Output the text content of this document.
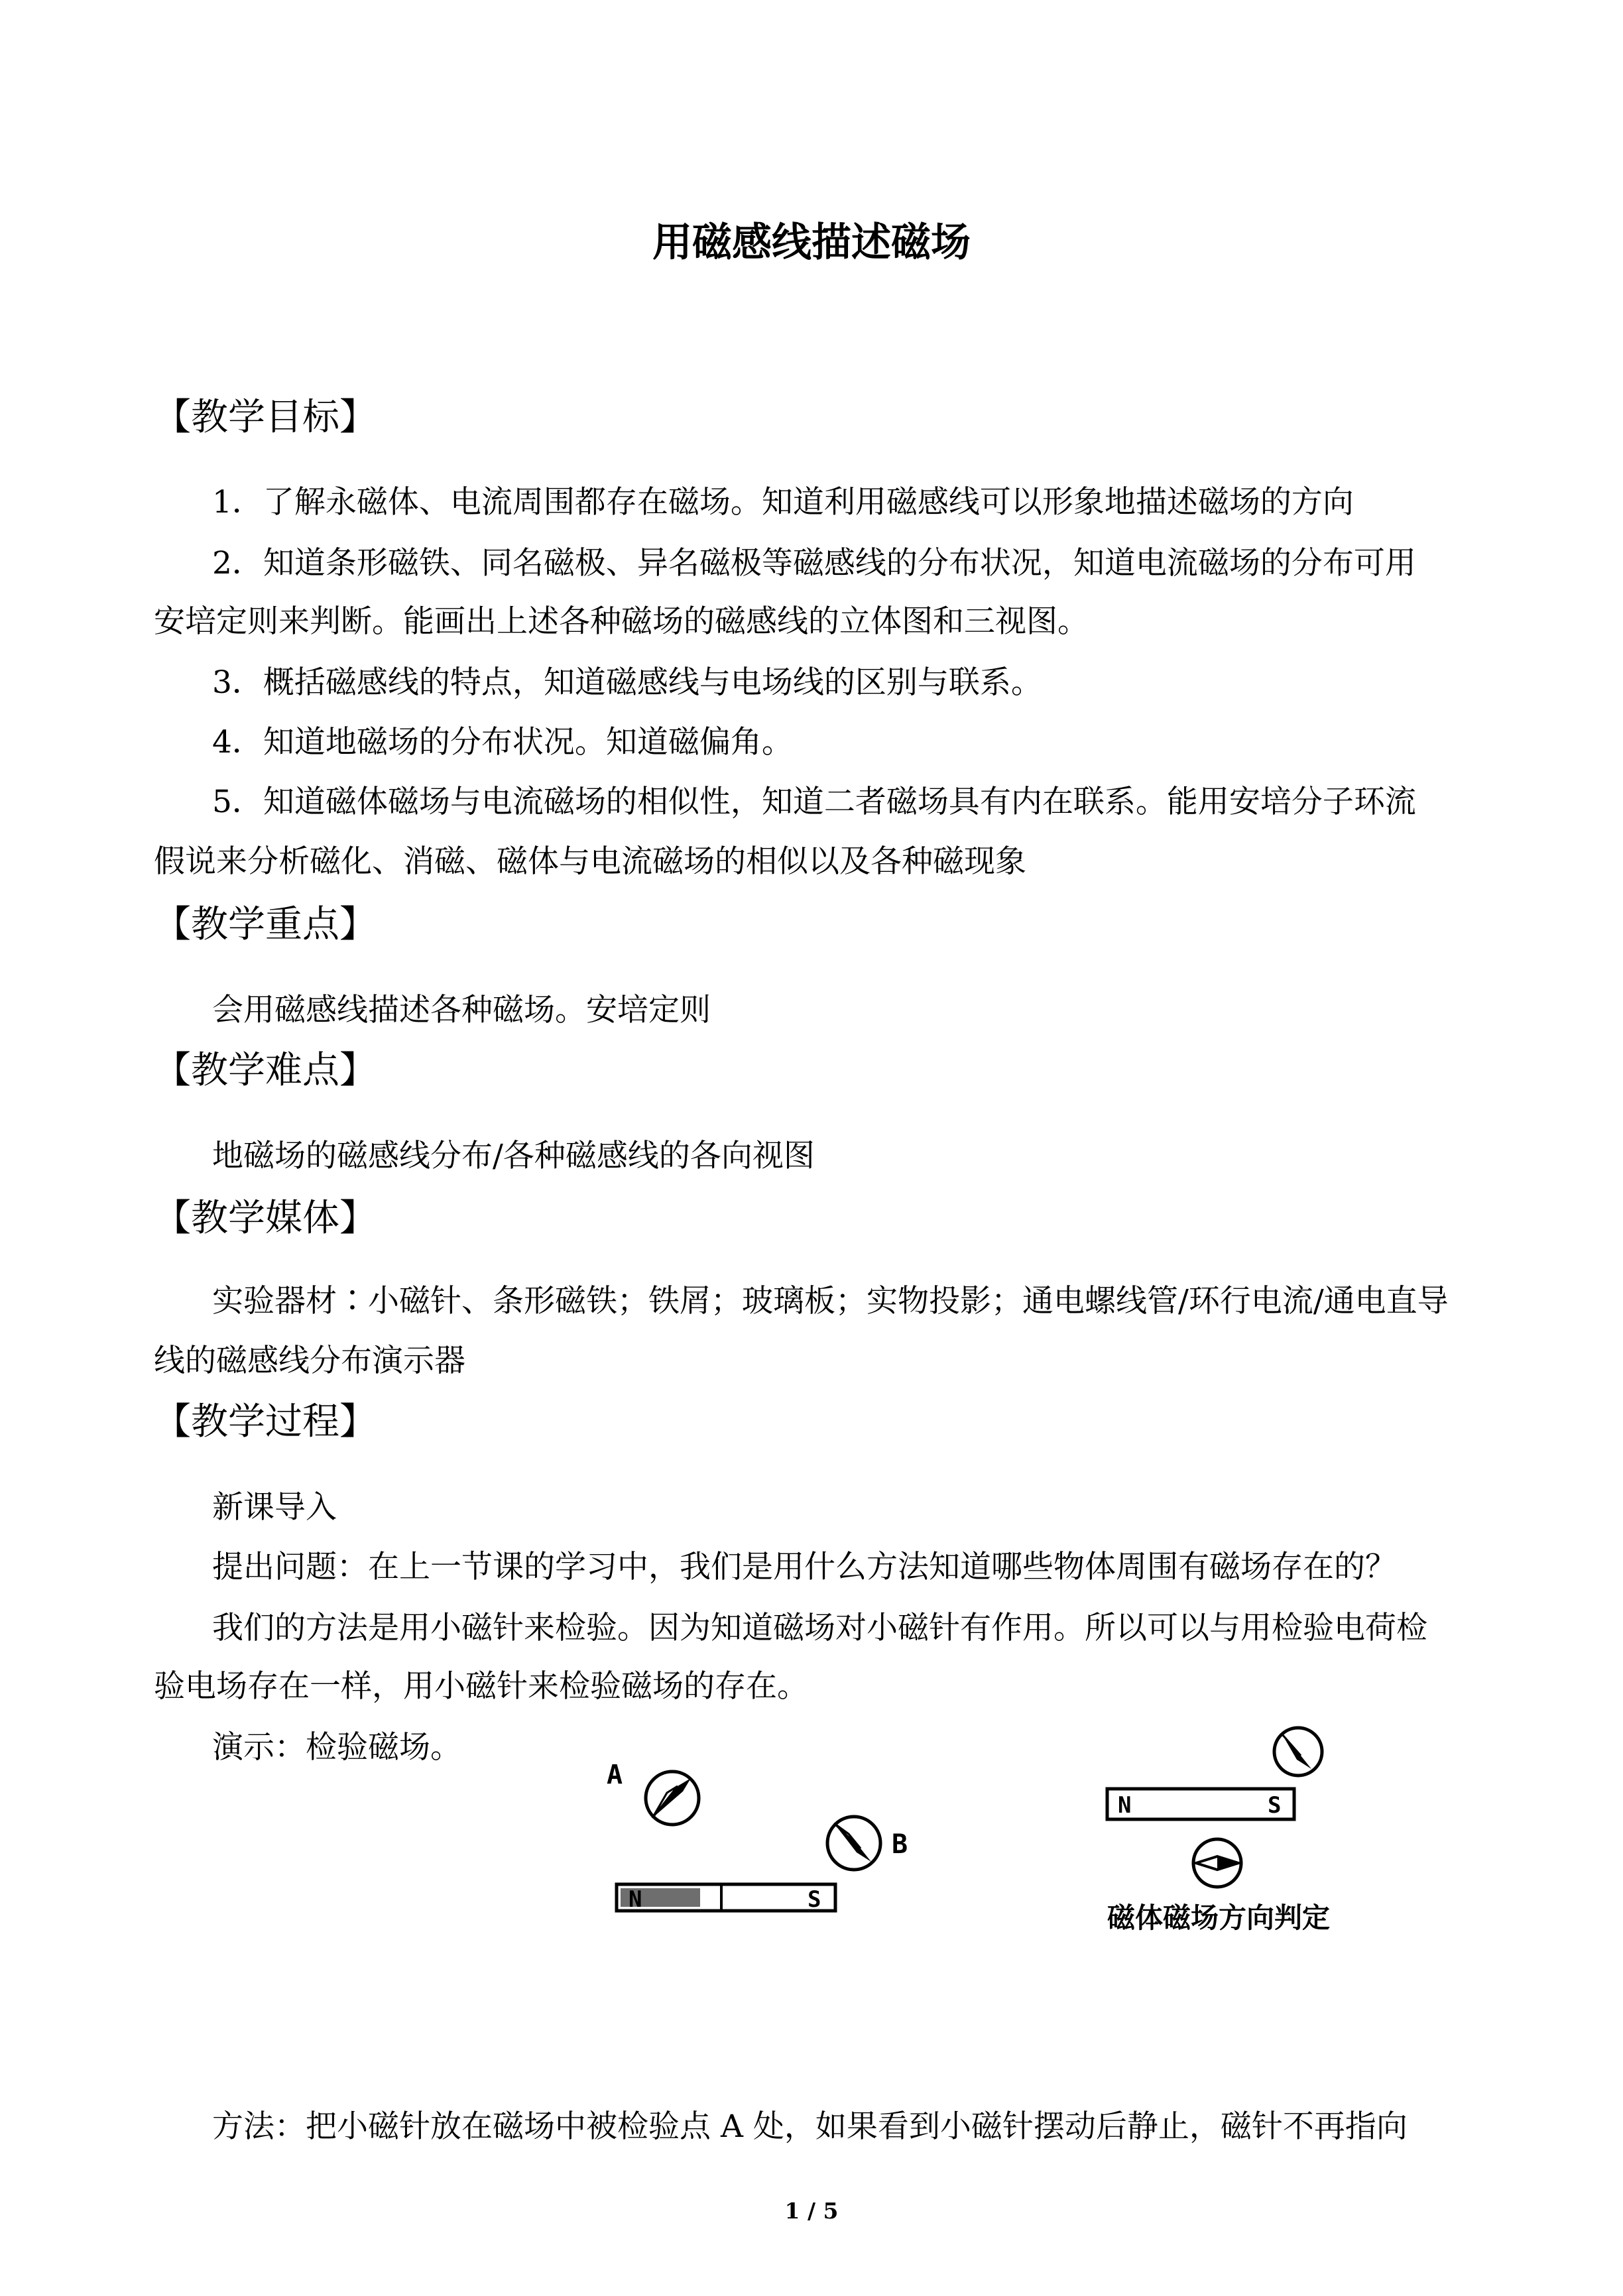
用磁感线描述磁场
【教学目标】

1．了解永磁体、电流周围都存在磁场。知道利用磁感线可以形象地描述磁场的方向

2．知道条形磁铁、同名磁极、异名磁极等磁感线的分布状况，知道电流磁场的分布可用

安培定则来判断。能画出上述各种磁场的磁感线的立体图和三视图。

3．概括磁感线的特点，知道磁感线与电场线的区别与联系。

4．知道地磁场的分布状况。知道磁偏角。

5．知道磁体磁场与电流磁场的相似性，知道二者磁场具有内在联系。能用安培分子环流

假说来分析磁化、消磁、磁体与电流磁场的相似以及各种磁现象

【教学重点】

会用磁感线描述各种磁场。安培定则

【教学难点】

地磁场的磁感线分布/各种磁感线的各向视图

【教学媒体】

实验器材∶小磁针、条形磁铁；铁屑；玻璃板；实物投影；通电螺线管/环行电流/通电直导

线的磁感线分布演示器

【教学过程】

新课导入

提出问题：在上一节课的学习中，我们是用什么方法知道哪些物体周围有磁场存在的？

我们的方法是用小磁针来检验。因为知道磁场对小磁针有作用。所以可以与用检验电荷检

验电场存在一样，用小磁针来检验磁场的存在。

演示：检验磁场。

A
B
N	S
N	S
磁体磁场方向判定

方法：把小磁针放在磁场中被检验点 A 处，如果看到小磁针摆动后静止，磁针不再指向

1 / 5
